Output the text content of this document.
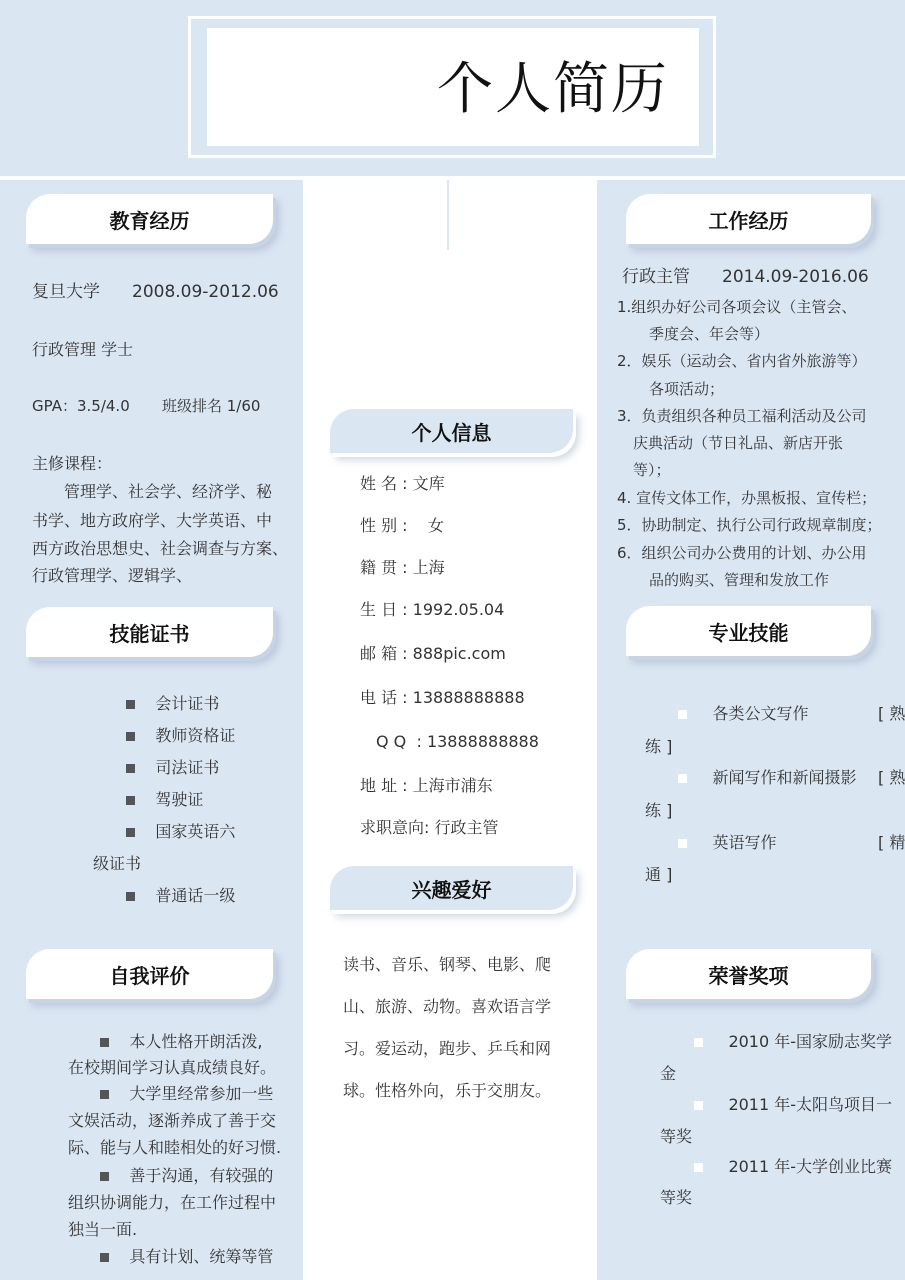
个人简历
教育经历
复旦大学 2008.09-2012.06
行政管理 学士
GPA：3.5/4.0 班级排名 1/60
主修课程：
管理学、社会学、经济学、秘
书学、地方政府学、大学英语、中
西方政治思想史、社会调查与方案、
行政管理学、逻辑学、
技能证书
会计证书
教师资格证
司法证书
驾驶证
国家英语六
级证书
普通话一级
自我评价
本人性格开朗活泼,
在校期间学习认真成绩良好。
大学里经常参加一些
文娱活动，逐渐养成了善于交
际、能与人和睦相处的好习惯.
善于沟通，有较强的
组织协调能力，在工作过程中
独当一面.
具有计划、统筹等管
个人信息
姓 名 : 文库
性 别 :    女
籍 贯 : 上海
生 日 : 1992.05.04
邮 箱 : 888pic.com
电 话 : 13888888888
Q Q  : 13888888888
地 址 : 上海市浦东
求职意向: 行政主管
兴趣爱好
读书、音乐、钢琴、电影、爬
山、旅游、动物。喜欢语言学
习。爱运动，跑步、乒乓和网
球。性格外向，乐于交朋友。
工作经历
行政主管 2014.09-2016.06
1.组织办好公司各项会议（主管会、
季度会、年会等）
2．娱乐（运动会、省内省外旅游等）
各项活动；
3．负责组织各种员工福利活动及公司
庆典活动（节日礼品、新店开张
等）；
4. 宣传文体工作，办黑板报、宣传栏；
5．协助制定、执行公司行政规章制度；
6．组织公司办公费用的计划、办公用
品的购买、管理和发放工作
专业技能
各类公文写作	[ 熟
练 ]
新闻写作和新闻摄影 [ 熟
练 ]
英语写作	[ 精
通 ]
荣誉奖项
2010 年-国家励志奖学
金
2011 年-太阳鸟项目一
等奖
2011 年-大学创业比赛
等奖
